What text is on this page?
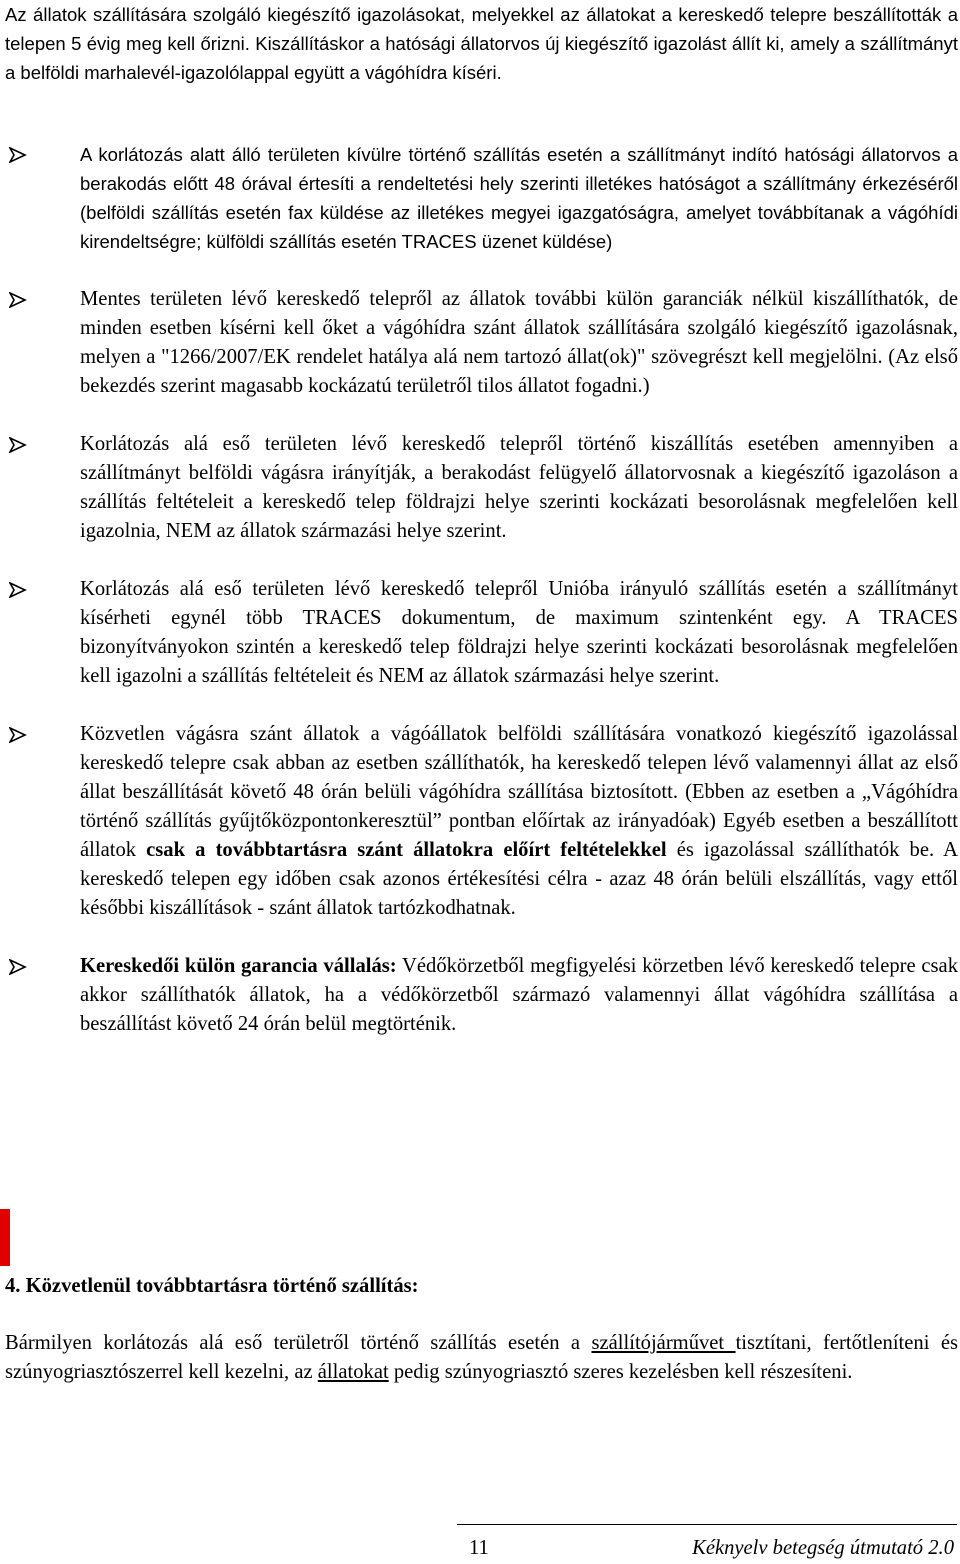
Az állatok szállítására szolgáló kiegészítő igazolásokat, melyekkel az állatokat a kereskedő telepre beszállították a telepen 5 évig meg kell őrizni. Kiszállításkor a hatósági állatorvos új kiegészítő igazolást állít ki, amely a szállítmányt a belföldi marhalevél-igazolólappal együtt a vágóhídra kíséri.
A korlátozás alatt álló területen kívülre történő szállítás esetén a szállítmányt indító hatósági állatorvos a berakodás előtt 48 órával értesíti a rendeltetési hely szerinti illetékes hatóságot a szállítmány érkezéséről (belföldi szállítás esetén fax küldése az illetékes megyei igazgatóságra, amelyet továbbítanak a vágóhídi kirendeltségre; külföldi szállítás esetén TRACES üzenet küldése)
Mentes területen lévő kereskedő telepről az állatok további külön garanciák nélkül kiszállíthatók, de minden esetben kísérni kell őket a vágóhídra szánt állatok szállítására szolgáló kiegészítő igazolásnak, melyen a "1266/2007/EK rendelet hatálya alá nem tartozó állat(ok)" szövegrészt kell megjelölni. (Az első bekezdés szerint magasabb kockázatú területről tilos állatot fogadni.)
Korlátozás alá eső területen lévő kereskedő telepről történő kiszállítás esetében amennyiben a szállítmányt belföldi vágásra irányítják, a berakodást felügyelő állatorvosnak a kiegészítő igazoláson a szállítás feltételeit a kereskedő telep földrajzi helye szerinti kockázati besorolásnak megfelelően kell igazolnia, NEM az állatok származási helye szerint.
Korlátozás alá eső területen lévő kereskedő telepről Unióba irányuló szállítás esetén a szállítmányt kísérheti egynél több TRACES dokumentum, de maximum szintenként egy. A TRACES bizonyítványokon szintén a kereskedő telep földrajzi helye szerinti kockázati besorolásnak megfelelően kell igazolni a szállítás feltételeit és NEM az állatok származási helye szerint.
Közvetlen vágásra szánt állatok a vágóállatok belföldi szállítására vonatkozó kiegészítő igazolással kereskedő telepre csak abban az esetben szállíthatók, ha kereskedő telepen lévő valamennyi állat az első állat beszállítását követő 48 órán belüli vágóhídra szállítása biztosított. (Ebben az esetben a „Vágóhídra történő szállítás gyűjtőközpontonkeresztül” pontban előírtak az irányadóak) Egyéb esetben a beszállított állatok csak a továbbtartásra szánt állatokra előírt feltételekkel és igazolással szállíthatók be. A kereskedő telepen egy időben csak azonos értékesítési célra - azaz 48 órán belüli elszállítás, vagy ettől későbbi kiszállítások - szánt állatok tartózkodhatnak.
Kereskedői külön garancia vállalás: Védőkörzetből megfigyelési körzetben lévő kereskedő telepre csak akkor szállíthatók állatok, ha a védőkörzetből származó valamennyi állat vágóhídra szállítása a beszállítást követő 24 órán belül megtörténik.
4. Közvetlenül továbbtartásra történő szállítás:
Bármilyen korlátozás alá eső területről történő szállítás esetén a szállítójármű​vet tisztítani, fertőtleníteni és szúnyogriasztószerrel kell kezelni, az állatokat pedig szúnyogriasztó szeres kezelésben kell részesíteni.
11	Kéknyelv betegség útmutató 2.0
